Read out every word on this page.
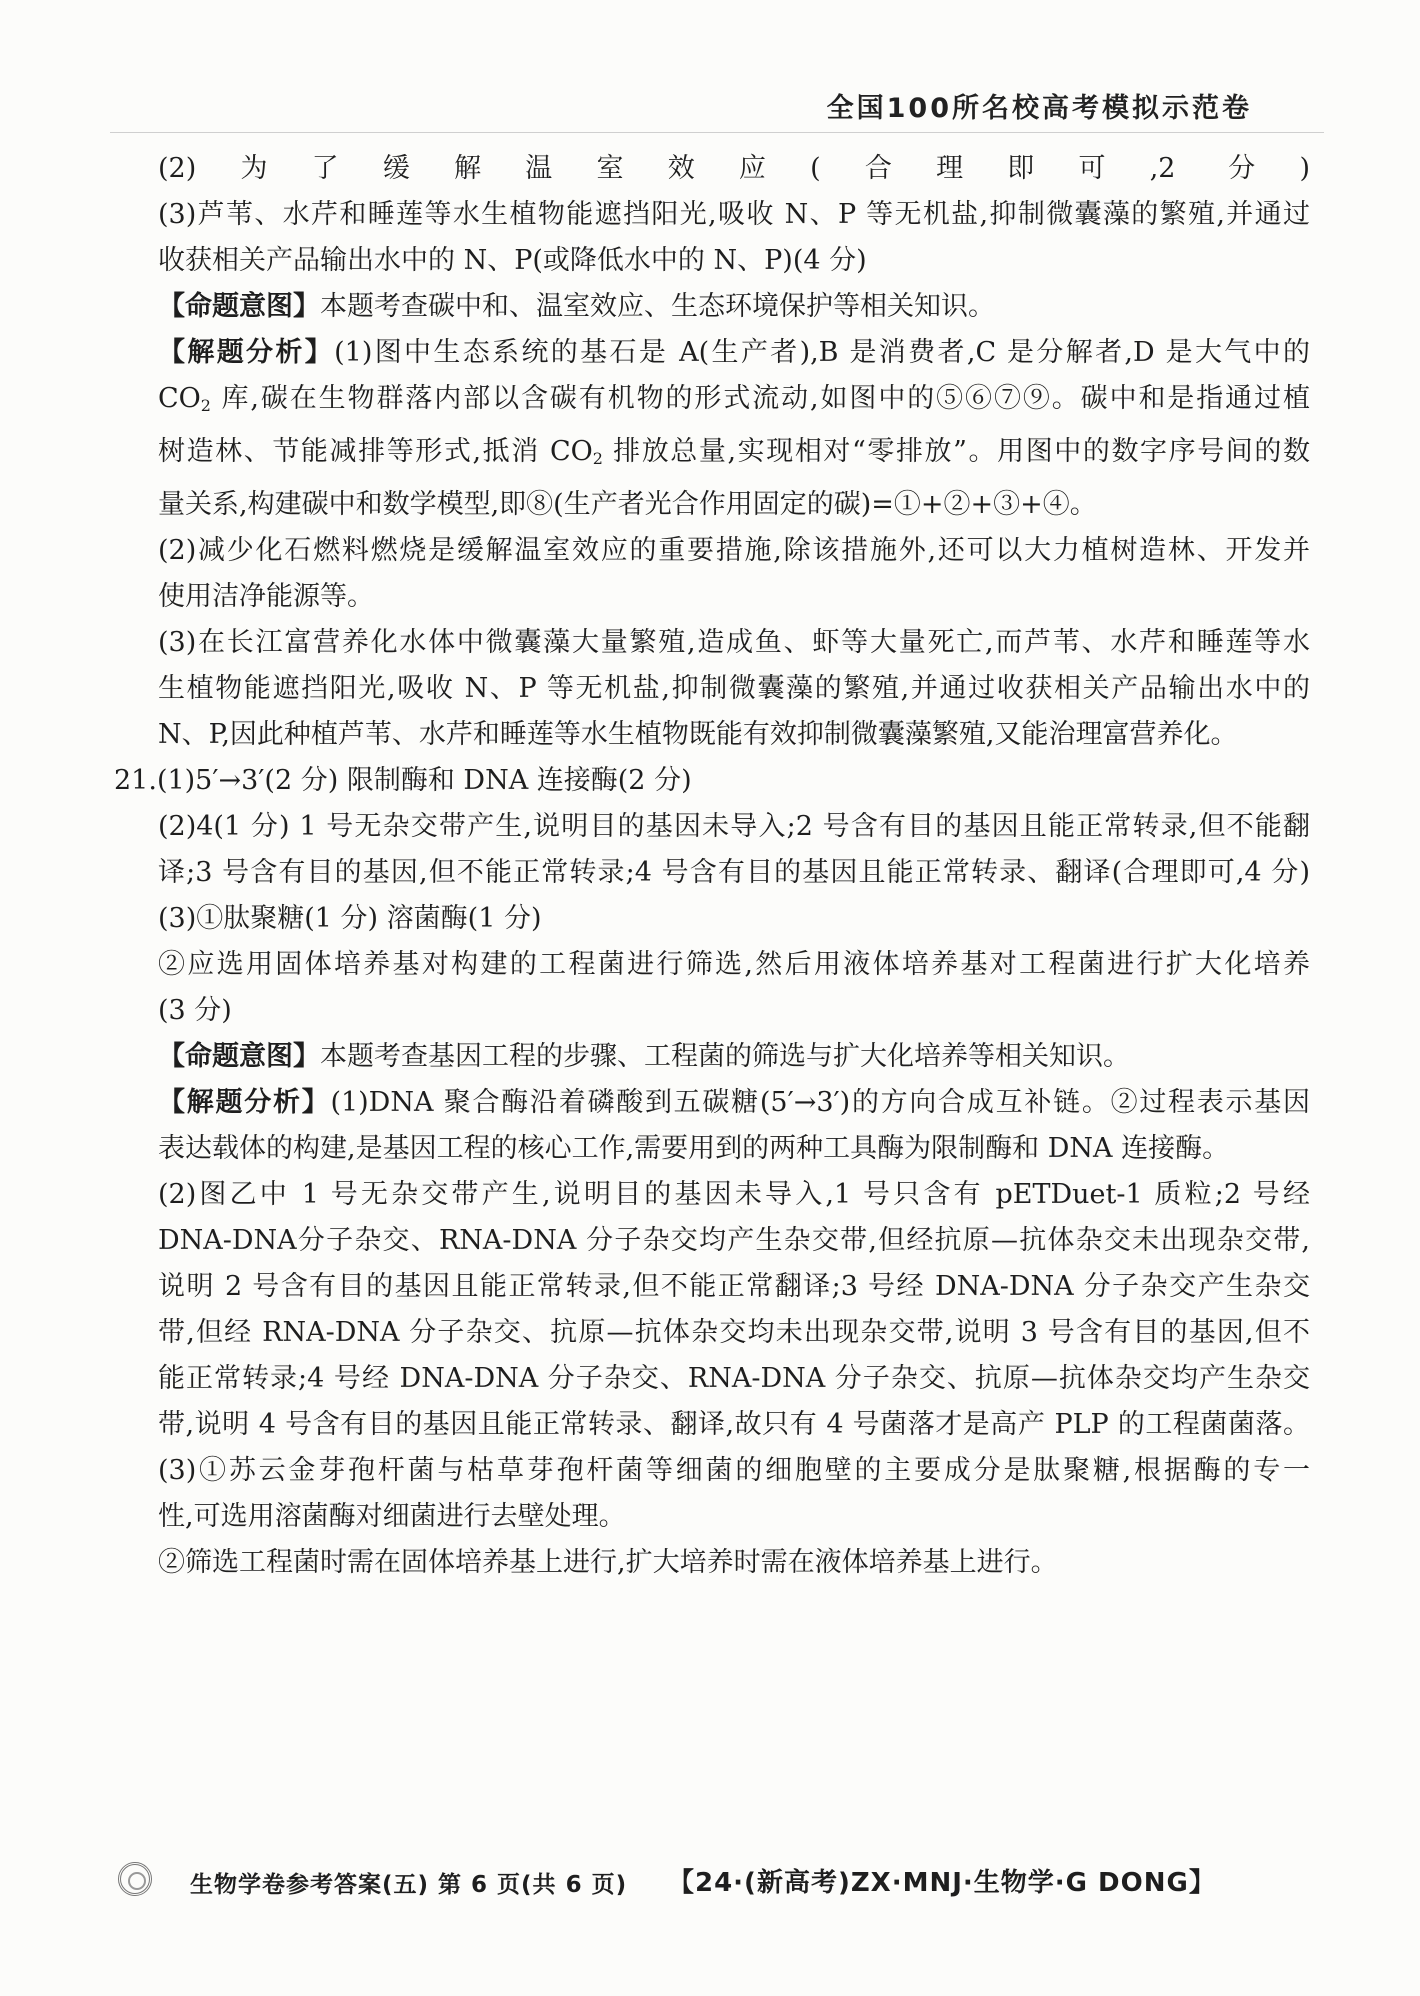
全国100所名校高考模拟示范卷
(2)为了缓解温室效应(合理即可,2 分)
(3)芦苇、水芹和睡莲等水生植物能遮挡阳光,吸收 N、P 等无机盐,抑制微囊藻的繁殖,并通过
收获相关产品输出水中的 N、P(或降低水中的 N、P)(4 分)
【命题意图】本题考查碳中和、温室效应、生态环境保护等相关知识。
【解题分析】(1)图中生态系统的基石是 A(生产者),B 是消费者,C 是分解者,D 是大气中的
$CO_2$ 库,碳在生物群落内部以含碳有机物的形式流动,如图中的⑤⑥⑦⑨。碳中和是指通过植
树造林、节能减排等形式,抵消 $CO_2$ 排放总量,实现相对“零排放”。用图中的数字序号间的数
量关系,构建碳中和数学模型,即⑧(生产者光合作用固定的碳)=①+②+③+④。
(2)减少化石燃料燃烧是缓解温室效应的重要措施,除该措施外,还可以大力植树造林、开发并
使用洁净能源等。
(3)在长江富营养化水体中微囊藻大量繁殖,造成鱼、虾等大量死亡,而芦苇、水芹和睡莲等水
生植物能遮挡阳光,吸收 N、P 等无机盐,抑制微囊藻的繁殖,并通过收获相关产品输出水中的
N、P,因此种植芦苇、水芹和睡莲等水生植物既能有效抑制微囊藻繁殖,又能治理富营养化。
21.(1)5′→3′(2 分) 限制酶和 DNA 连接酶(2 分)
(2)4(1 分) 1 号无杂交带产生,说明目的基因未导入;2 号含有目的基因且能正常转录,但不能翻
译;3 号含有目的基因,但不能正常转录;4 号含有目的基因且能正常转录、翻译(合理即可,4 分)
(3)①肽聚糖(1 分) 溶菌酶(1 分)
②应选用固体培养基对构建的工程菌进行筛选,然后用液体培养基对工程菌进行扩大化培养
(3 分)
【命题意图】本题考查基因工程的步骤、工程菌的筛选与扩大化培养等相关知识。
【解题分析】(1)DNA 聚合酶沿着磷酸到五碳糖(5′→3′)的方向合成互补链。②过程表示基因
表达载体的构建,是基因工程的核心工作,需要用到的两种工具酶为限制酶和 DNA 连接酶。
(2)图乙中 1 号无杂交带产生,说明目的基因未导入,1 号只含有 pETDuet-1 质粒;2 号经
DNA-DNA分子杂交、RNA-DNA 分子杂交均产生杂交带,但经抗原—抗体杂交未出现杂交带,
说明 2 号含有目的基因且能正常转录,但不能正常翻译;3 号经 DNA-DNA 分子杂交产生杂交
带,但经 RNA-DNA 分子杂交、抗原—抗体杂交均未出现杂交带,说明 3 号含有目的基因,但不
能正常转录;4 号经 DNA-DNA 分子杂交、RNA-DNA 分子杂交、抗原—抗体杂交均产生杂交
带,说明 4 号含有目的基因且能正常转录、翻译,故只有 4 号菌落才是高产 PLP 的工程菌菌落。
(3)①苏云金芽孢杆菌与枯草芽孢杆菌等细菌的细胞壁的主要成分是肽聚糖,根据酶的专一
性,可选用溶菌酶对细菌进行去壁处理。
②筛选工程菌时需在固体培养基上进行,扩大培养时需在液体培养基上进行。
生物学卷参考答案(五) 第 6 页(共 6 页) 【24·(新高考)ZX·MNJ·生物学·G DONG】
